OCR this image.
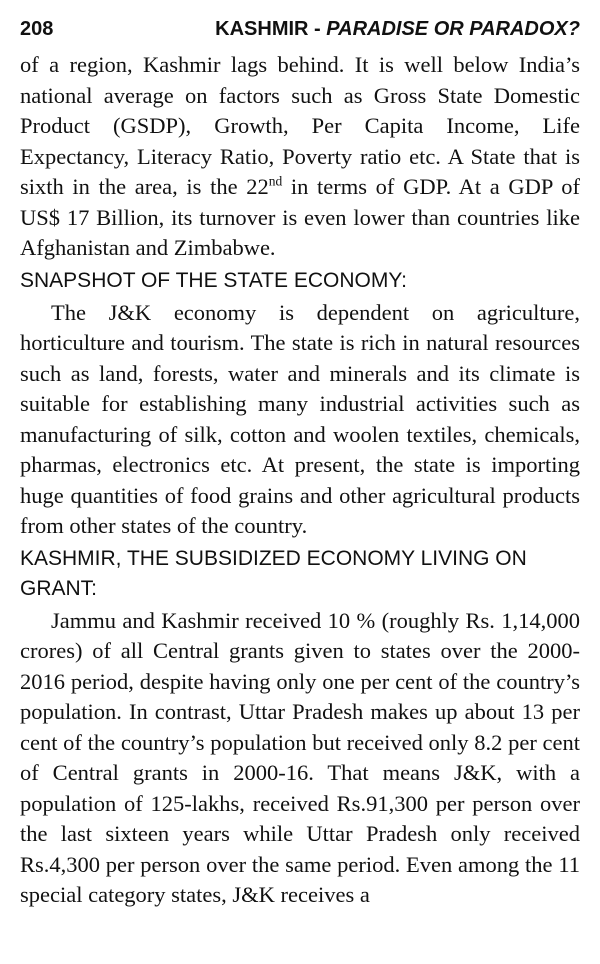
208	KASHMIR - PARADISE OR PARADOX?

of a region, Kashmir lags behind. It is well below India’s national average on factors such as Gross State Domestic Product (GSDP), Growth, Per Capita Income, Life Expectancy, Literacy Ratio, Poverty ratio etc. A State that is sixth in the area, is the 22nd in terms of GDP. At a GDP of US$ 17 Billion, its turnover is even lower than countries like Afghanistan and Zimbabwe.

SNAPSHOT OF THE STATE ECONOMY:

The J&K economy is dependent on agriculture, horticulture and tourism. The state is rich in natural resources such as land, forests, water and minerals and its climate is suitable for establishing many industrial activities such as manufacturing of silk, cotton and woolen textiles, chemicals, pharmas, electronics etc. At present, the state is importing huge quantities of food grains and other agricultural products from other states of the country.

KASHMIR, THE SUBSIDIZED ECONOMY LIVING ON GRANT:

Jammu and Kashmir received 10 % (roughly Rs. 1,14,000 crores) of all Central grants given to states over the 2000-2016 period, despite having only one per cent of the country’s population. In contrast, Uttar Pradesh makes up about 13 per cent of the country’s population but received only 8.2 per cent of Central grants in 2000-16. That means J&K, with a population of 125-lakhs, received Rs.91,300 per person over the last sixteen years while Uttar Pradesh only received Rs.4,300 per person over the same period. Even among the 11 special category states, J&K receives a
